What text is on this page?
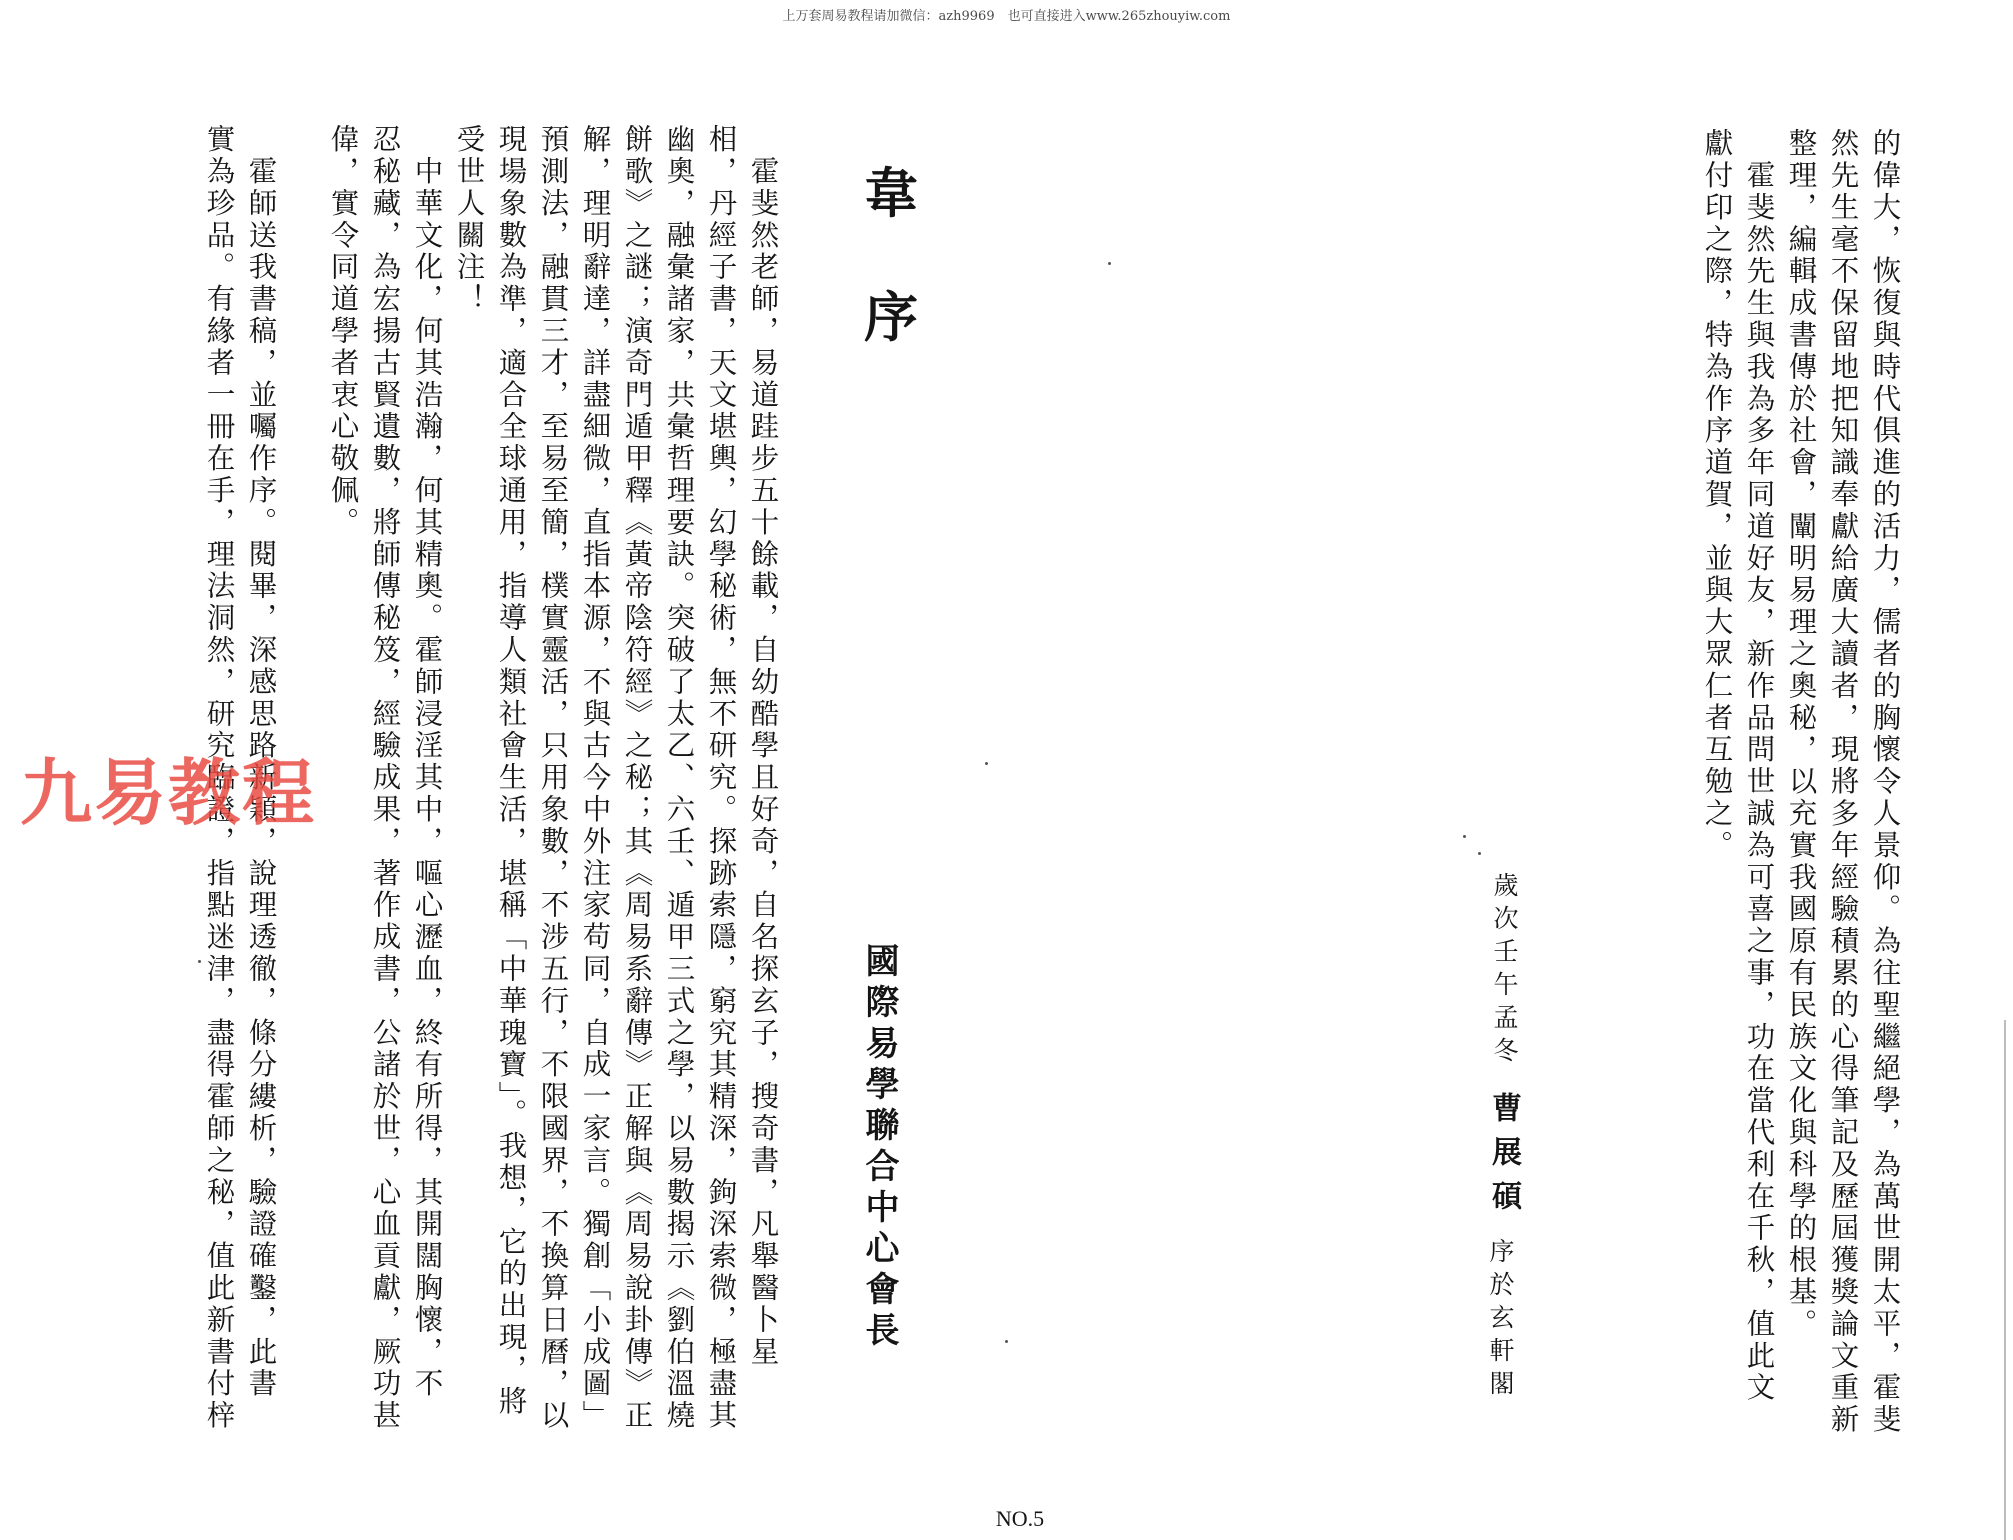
上万套周易教程请加微信：azh9969　也可直接进入www.265zhouyiw.com
的偉大，恢復與時代俱進的活力，儒者的胸懷令人景仰。為往聖繼絕學，為萬世開太平，霍斐
然先生毫不保留地把知識奉獻給廣大讀者，現將多年經驗積累的心得筆記及歷屆獲獎論文重新
整理，編輯成書傳於社會，闡明易理之奧秘，以充實我國原有民族文化與科學的根基。
　霍斐然先生與我為多年同道好友，新作品問世誠為可喜之事，功在當代利在千秋，值此文
獻付印之際，特為作序道賀，並與大眾仁者互勉之。
歲次壬午孟冬
曹展碩
序於玄軒閣
韋
序
國際易學聯合中心會長
　霍斐然老師，易道跬步五十餘載，自幼酷學且好奇，自名探玄子，搜奇書，凡舉醫卜星
相，丹經子書，天文堪輿，幻學秘術，無不研究。探跡索隱，窮究其精深，鉤深索微，極盡其
幽奧，融彙諸家，共彙哲理要訣。突破了太乙、六壬、遁甲三式之學，以易數揭示《劉伯溫燒
餅歌》之謎；演奇門遁甲釋《黃帝陰符經》之秘；其《周易系辭傳》正解與《周易說卦傳》正
解，理明辭達，詳盡細微，直指本源，不與古今中外注家苟同，自成一家言。獨創「小成圖」
預測法，融貫三才，至易至簡，樸實靈活，只用象數，不涉五行，不限國界，不換算日曆，以
現場象數為準，適合全球通用，指導人類社會生活，堪稱「中華瑰寶」。我想，它的出現，將
受世人關注！
　中華文化，何其浩瀚，何其精奧。霍師浸淫其中，嘔心瀝血，終有所得，其開闊胸懷，不
忍秘藏，為宏揚古賢遺數，將師傳秘笈，經驗成果，著作成書，公諸於世，心血貢獻，厥功甚
偉，實令同道學者衷心敬佩。
　霍師送我書稿，並囑作序。閱畢，深感思路新穎，說理透徹，條分縷析，驗證確鑿，此書
實為珍品。有緣者一冊在手，理法洞然，研究臨證，指點迷津，盡得霍師之秘，值此新書付梓
九易教程
NO.5
